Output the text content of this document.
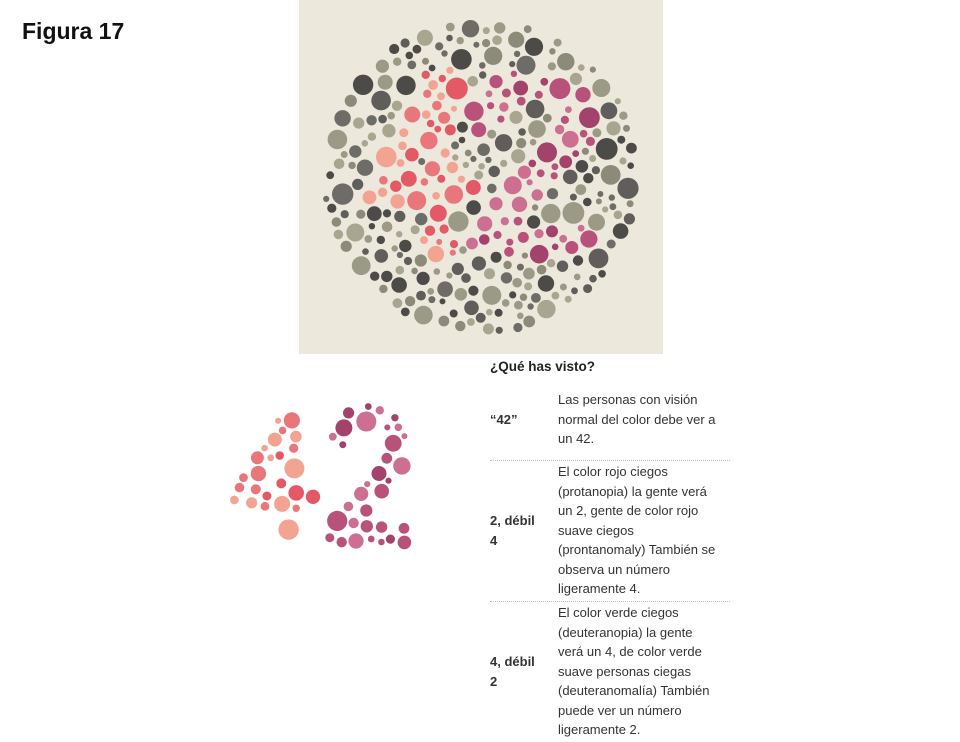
Figura 17
¿Qué has visto?
“42”
Las personas con visión
normal del color debe ver a
un 42.
2, débil
4
El color rojo ciegos
(protanopia) la gente verá
un 2, gente de color rojo
suave ciegos
(prontanomaly) También se
observa un número
ligeramente 4.
4, débil
2
El color verde ciegos
(deuteranopia) la gente
verá un 4, de color verde
suave personas ciegas
(deuteranomalía) También
puede ver un número
ligeramente 2.
